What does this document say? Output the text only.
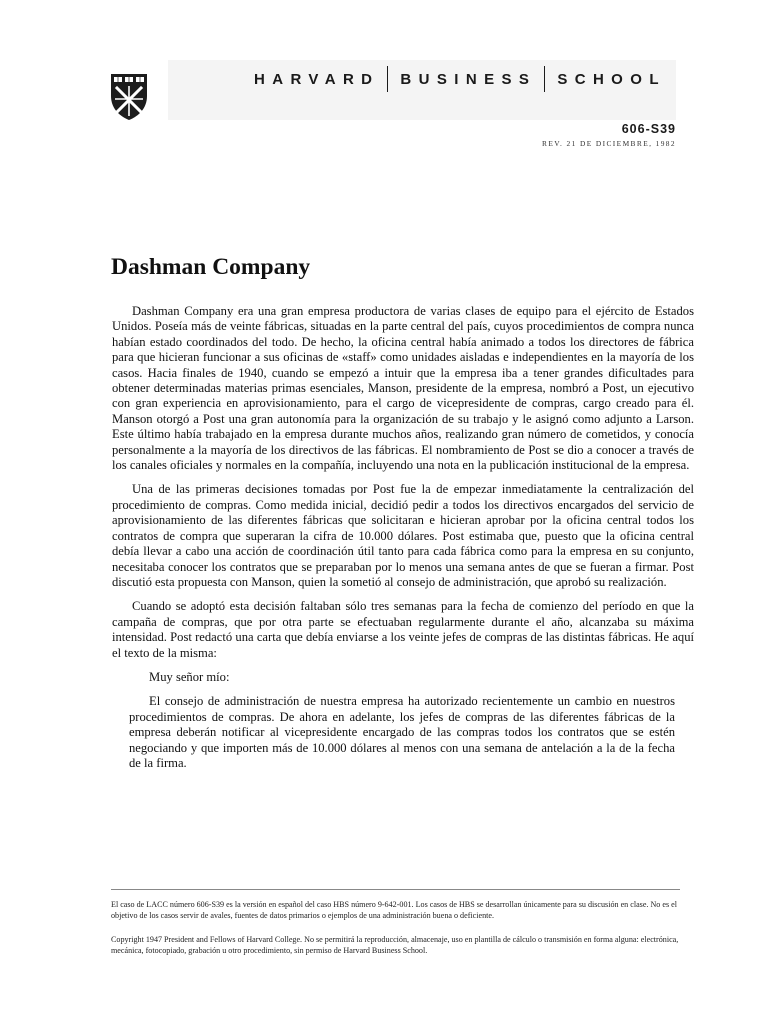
HARVARD BUSINESS SCHOOL
606-S39
REV. 21 DE DICIEMBRE, 1982
Dashman Company

Dashman Company era una gran empresa productora de varias clases de equipo para el ejército de Estados Unidos. Poseía más de veinte fábricas, situadas en la parte central del país, cuyos procedimientos de compra nunca habían estado coordinados del todo. De hecho, la oficina central había animado a todos los directores de fábrica para que hicieran funcionar a sus oficinas de «staff» como unidades aisladas e independientes en la mayoría de los casos. Hacia finales de 1940, cuando se empezó a intuir que la empresa iba a tener grandes dificultades para obtener determinadas materias primas esenciales, Manson, presidente de la empresa, nombró a Post, un ejecutivo con gran experiencia en aprovisionamiento, para el cargo de vicepresidente de compras, cargo creado para él. Manson otorgó a Post una gran autonomía para la organización de su trabajo y le asignó como adjunto a Larson. Este último había trabajado en la empresa durante muchos años, realizando gran número de cometidos, y conocía personalmente a la mayoría de los directivos de las fábricas. El nombramiento de Post se dio a conocer a través de los canales oficiales y normales en la compañía, incluyendo una nota en la publicación institucional de la empresa.

Una de las primeras decisiones tomadas por Post fue la de empezar inmediatamente la centralización del procedimiento de compras. Como medida inicial, decidió pedir a todos los directivos encargados del servicio de aprovisionamiento de las diferentes fábricas que solicitaran e hicieran aprobar por la oficina central todos los contratos de compra que superaran la cifra de 10.000 dólares. Post estimaba que, puesto que la oficina central debía llevar a cabo una acción de coordinación útil tanto para cada fábrica como para la empresa en su conjunto, necesitaba conocer los contratos que se preparaban por lo menos una semana antes de que se fueran a firmar. Post discutió esta propuesta con Manson, quien la sometió al consejo de administración, que aprobó su realización.

Cuando se adoptó esta decisión faltaban sólo tres semanas para la fecha de comienzo del período en que la campaña de compras, que por otra parte se efectuaban regularmente durante el año, alcanzaba su máxima intensidad. Post redactó una carta que debía enviarse a los veinte jefes de compras de las distintas fábricas. He aquí el texto de la misma:

Muy señor mío:

El consejo de administración de nuestra empresa ha autorizado recientemente un cambio en nuestros procedimientos de compras. De ahora en adelante, los jefes de compras de las diferentes fábricas de la empresa deberán notificar al vicepresidente encargado de las compras todos los contratos que se estén negociando y que importen más de 10.000 dólares al menos con una semana de antelación a la de la fecha de la firma.

El caso de LACC número 606-S39 es la versión en español del caso HBS número 9-642-001. Los casos de HBS se desarrollan únicamente para su discusión en clase. No es el objetivo de los casos servir de avales, fuentes de datos primarios o ejemplos de una administración buena o deficiente.

Copyright 1947 President and Fellows of Harvard College. No se permitirá la reproducción, almacenaje, uso en plantilla de cálculo o transmisión en forma alguna: electrónica, mecánica, fotocopiado, grabación u otro procedimiento, sin permiso de Harvard Business School.
